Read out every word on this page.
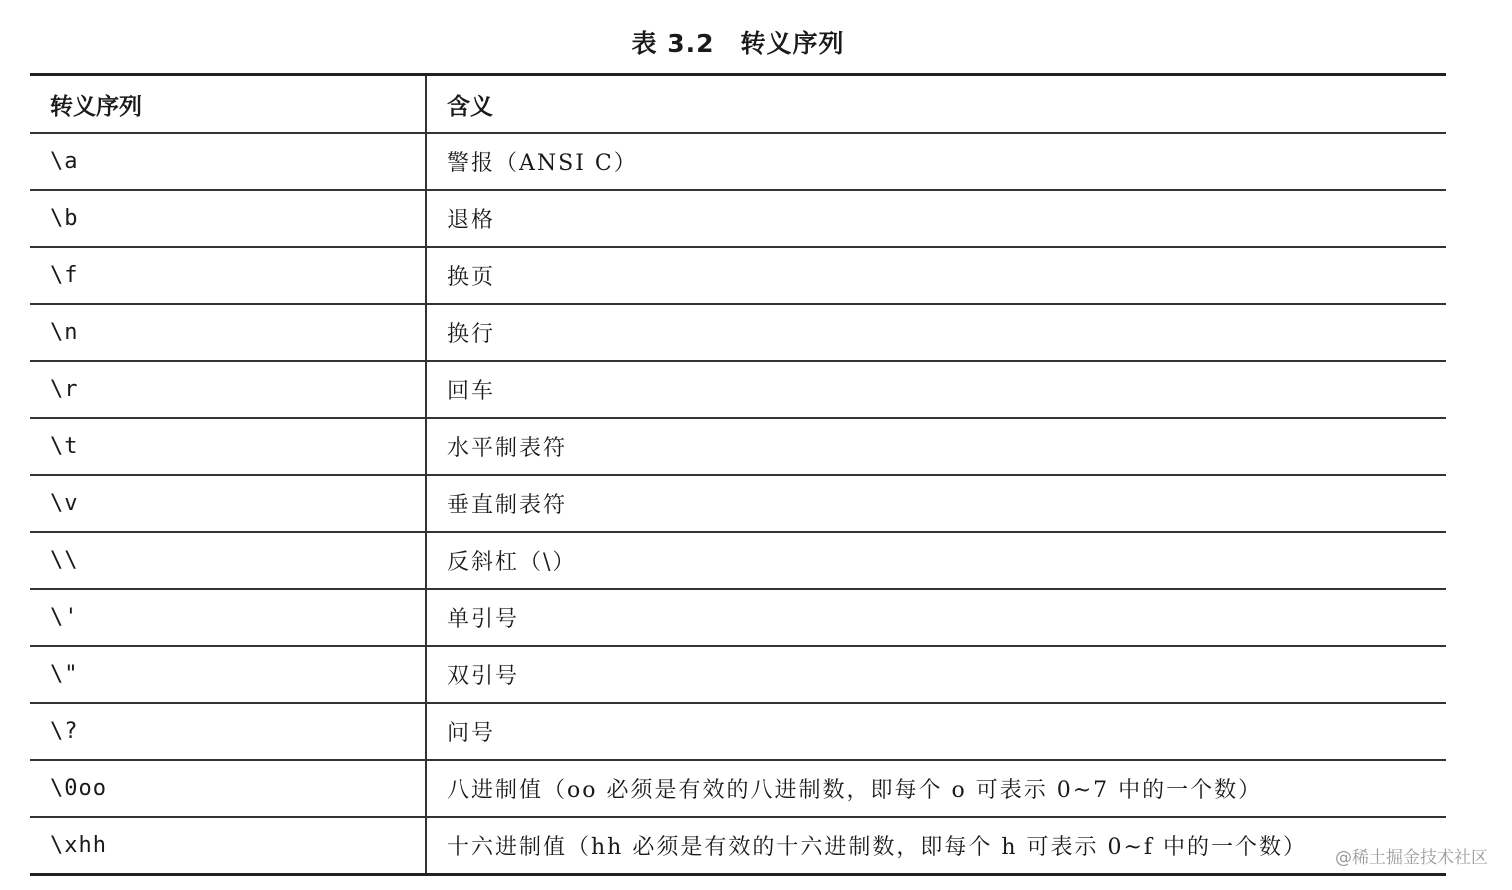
表 3.2 转义序列
转义序列	含义
\a	警报（ANSI C）
\b	退格
\f	换页
\n	换行
\r	回车
\t	水平制表符
\v	垂直制表符
\\	反斜杠（\）
\'	单引号
\"	双引号
\?	问号
\0oo	八进制值（oo 必须是有效的八进制数，即每个 o 可表示 0~7 中的一个数）
\xhh	十六进制值（hh 必须是有效的十六进制数，即每个 h 可表示 0~f 中的一个数） @稀土掘金技术社区
